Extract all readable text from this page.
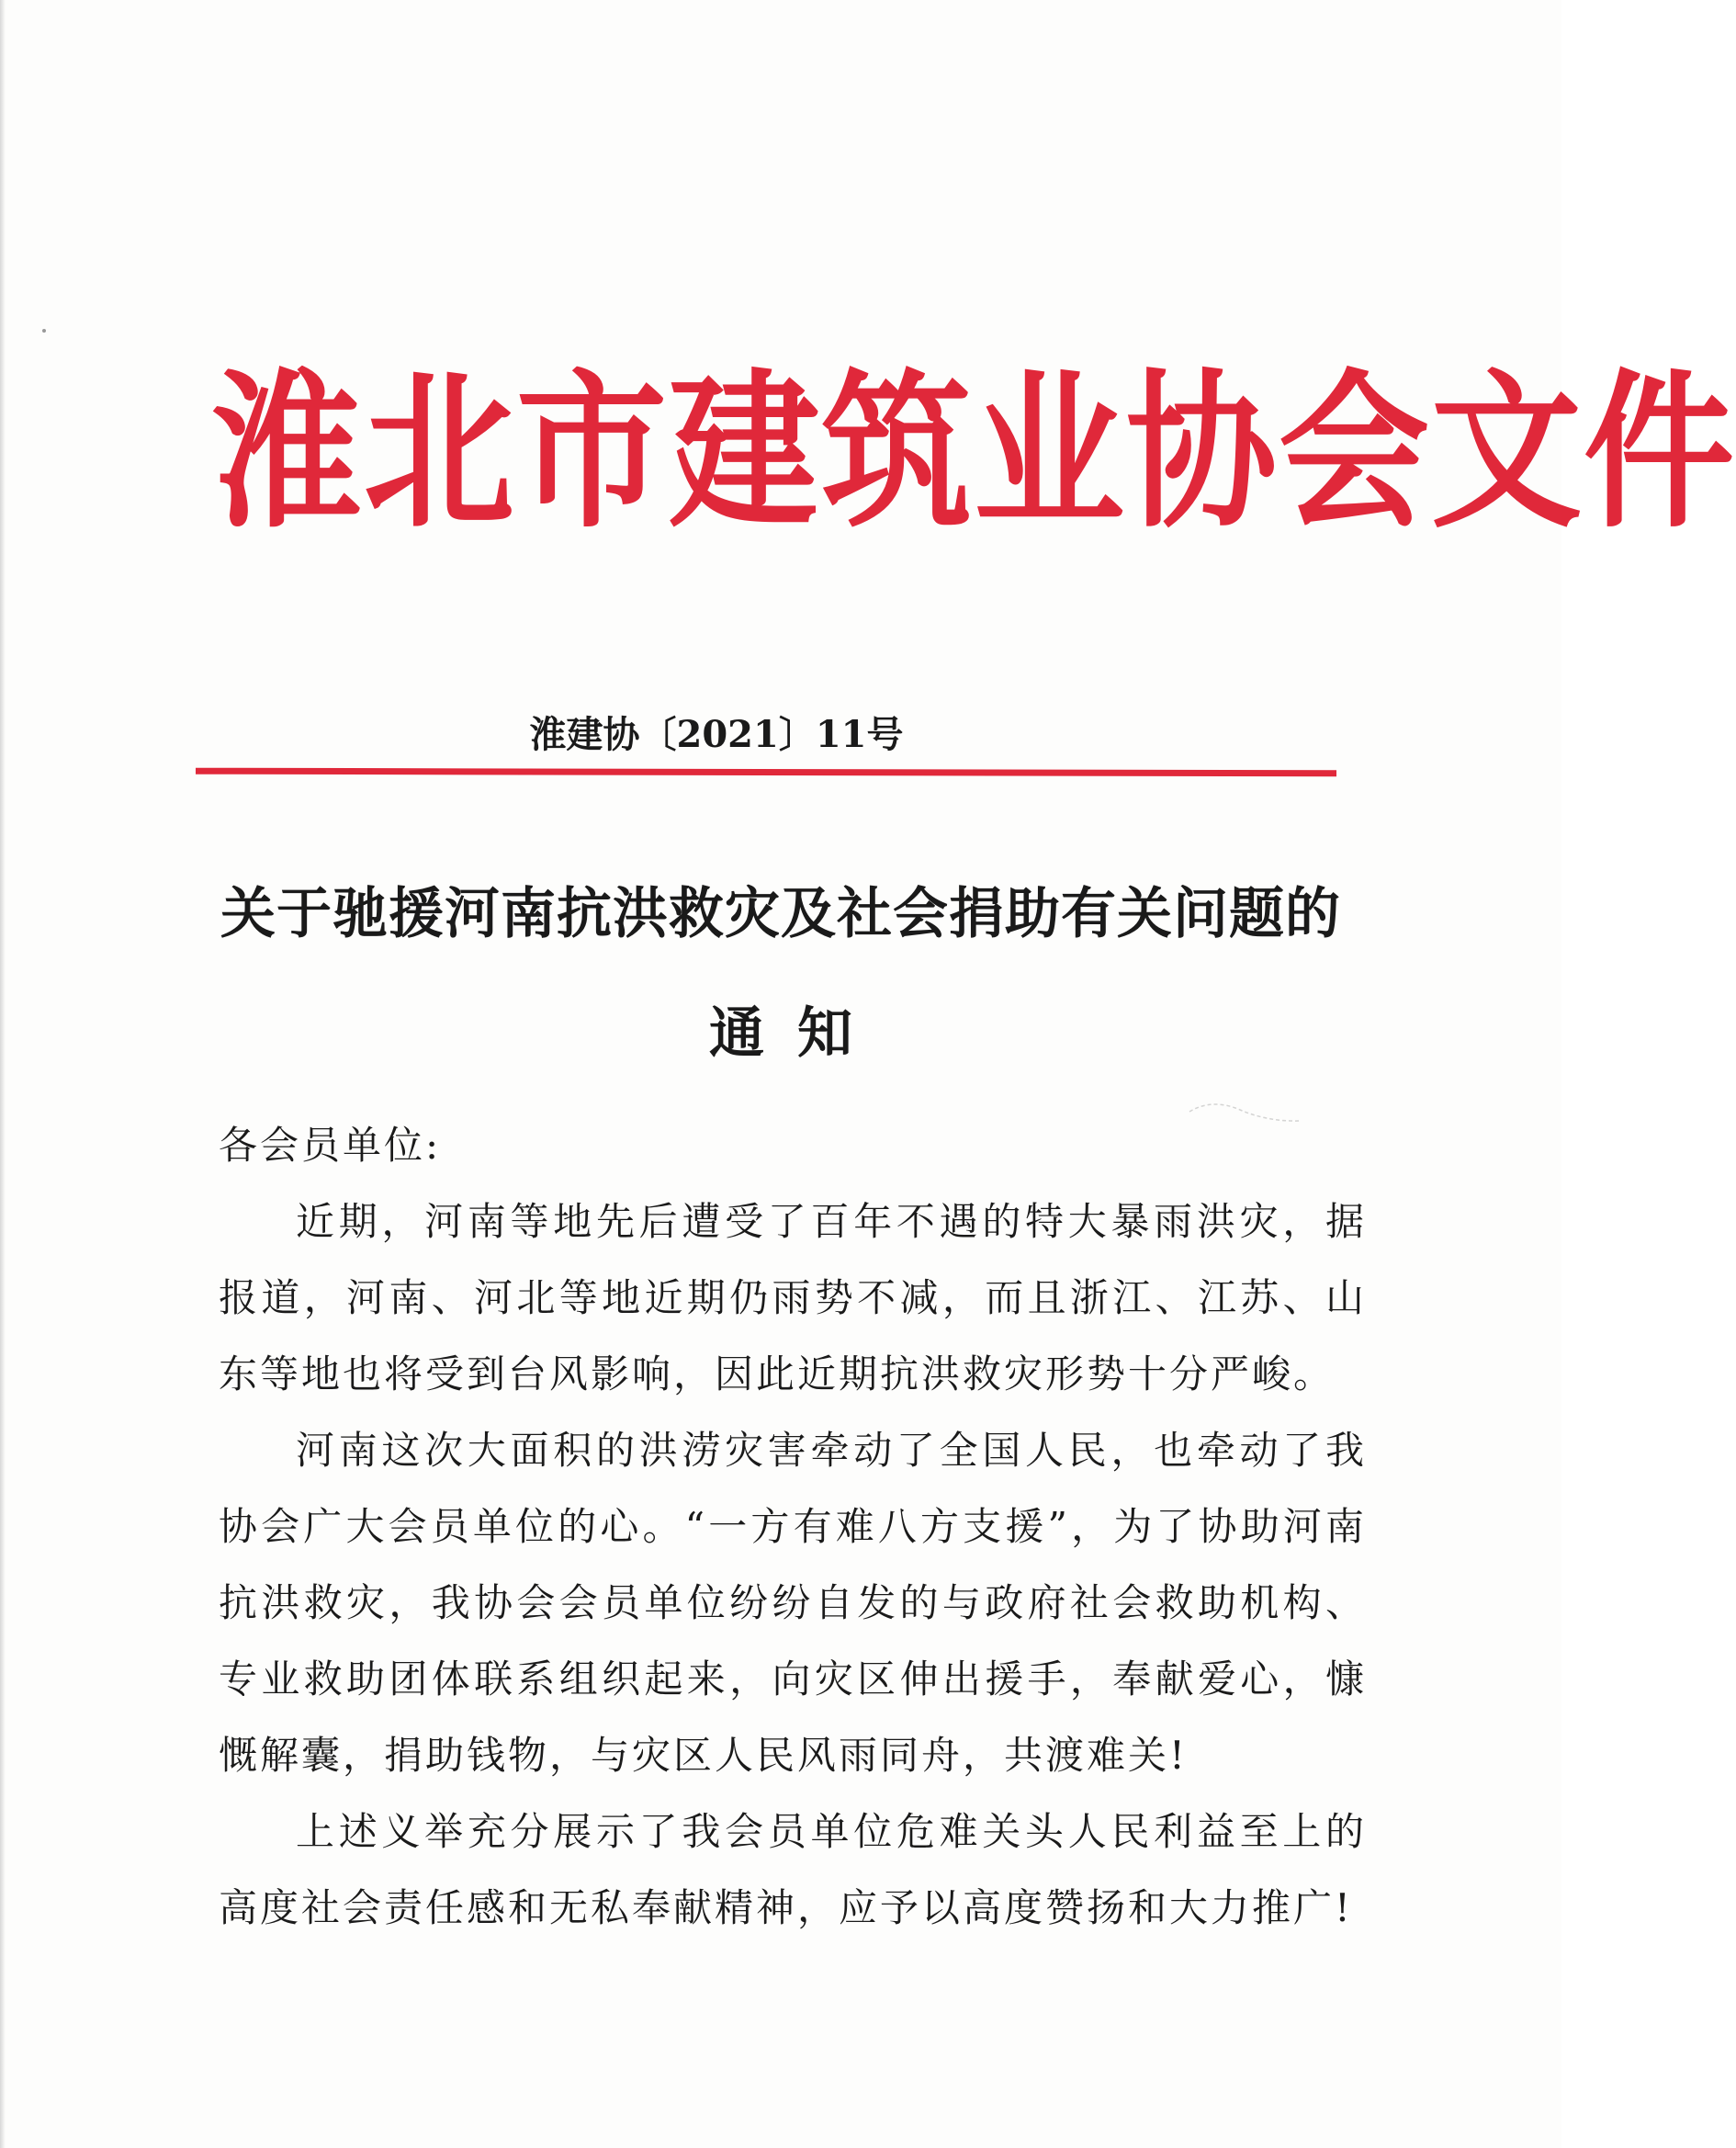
淮北市建筑业协会文件
淮建协〔2021〕11号
关于驰援河南抗洪救灾及社会捐助有关问题的
通知

各会员单位:

近期，河南等地先后遭受了百年不遇的特大暴雨洪灾，据报道，河南、河北等地近期仍雨势不减，而且浙江、江苏、山东等地也将受到台风影响，因此近期抗洪救灾形势十分严峻。

河南这次大面积的洪涝灾害牵动了全国人民，也牵动了我协会广大会员单位的心。“一方有难八方支援”，为了协助河南抗洪救灾，我协会会员单位纷纷自发的与政府社会救助机构、专业救助团体联系组织起来，向灾区伸出援手，奉献爱心，慷慨解囊，捐助钱物，与灾区人民风雨同舟，共渡难关!

上述义举充分展示了我会员单位危难关头人民利益至上的高度社会责任感和无私奉献精神，应予以高度赞扬和大力推广!
